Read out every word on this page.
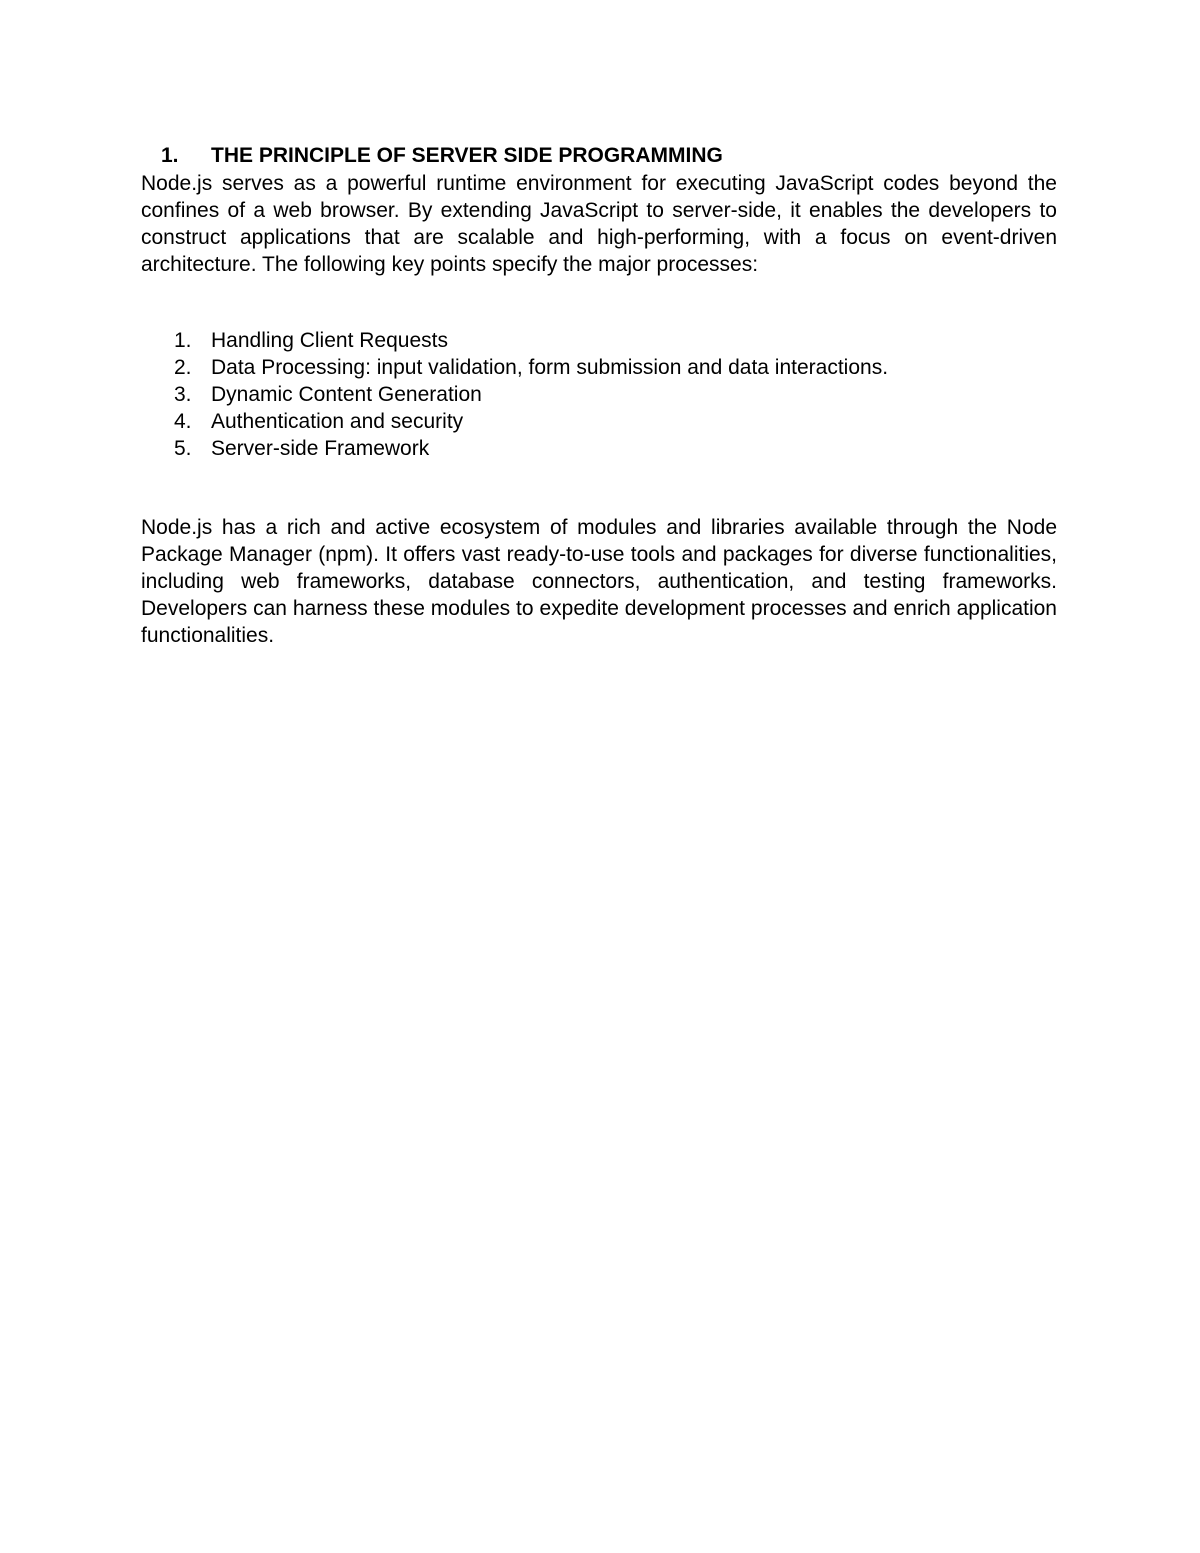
1.	THE PRINCIPLE OF SERVER SIDE PROGRAMMING

Node.js serves as a powerful runtime environment for executing JavaScript codes beyond the confines of a web browser. By extending JavaScript to server-side, it enables the developers to construct applications that are scalable and high-performing, with a focus on event-driven architecture. The following key points specify the major processes:

1. Handling Client Requests
2. Data Processing: input validation, form submission and data interactions.
3. Dynamic Content Generation
4. Authentication and security
5. Server-side Framework

Node.js has a rich and active ecosystem of modules and libraries available through the Node Package Manager (npm). It offers vast ready-to-use tools and packages for diverse functionalities, including web frameworks, database connectors, authentication, and testing frameworks. Developers can harness these modules to expedite development processes and enrich application functionalities.
